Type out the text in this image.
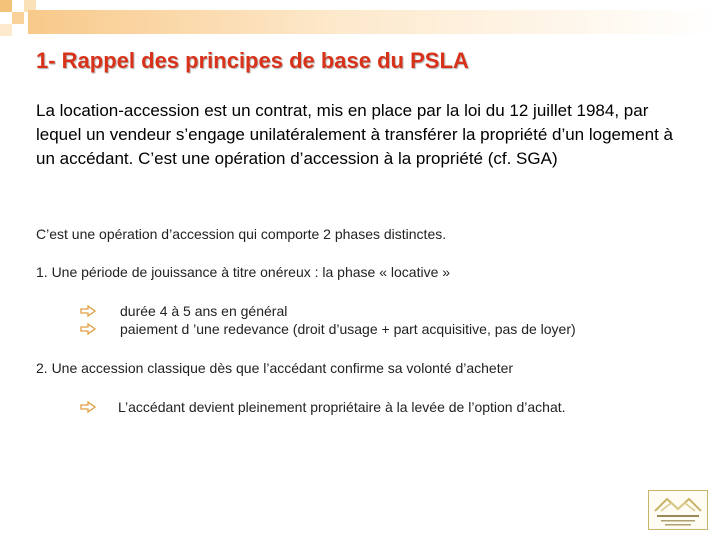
1- Rappel des principes de base du PSLA
La location-accession est un contrat, mis en place par la loi du 12 juillet 1984, par lequel un vendeur s’engage unilatéralement à transférer la propriété d’un logement à un accédant. C’est une opération d’accession à la propriété (cf. SGA)
C’est une opération d’accession qui comporte 2 phases distinctes.
1. Une période de jouissance à titre onéreux : la phase « locative »
durée 4 à 5 ans en général
paiement d ’une redevance (droit d’usage + part acquisitive, pas de loyer)
2. Une accession classique dès que l’accédant confirme sa volonté d’acheter
L’accédant devient pleinement propriétaire à la levée de l’option d’achat.
